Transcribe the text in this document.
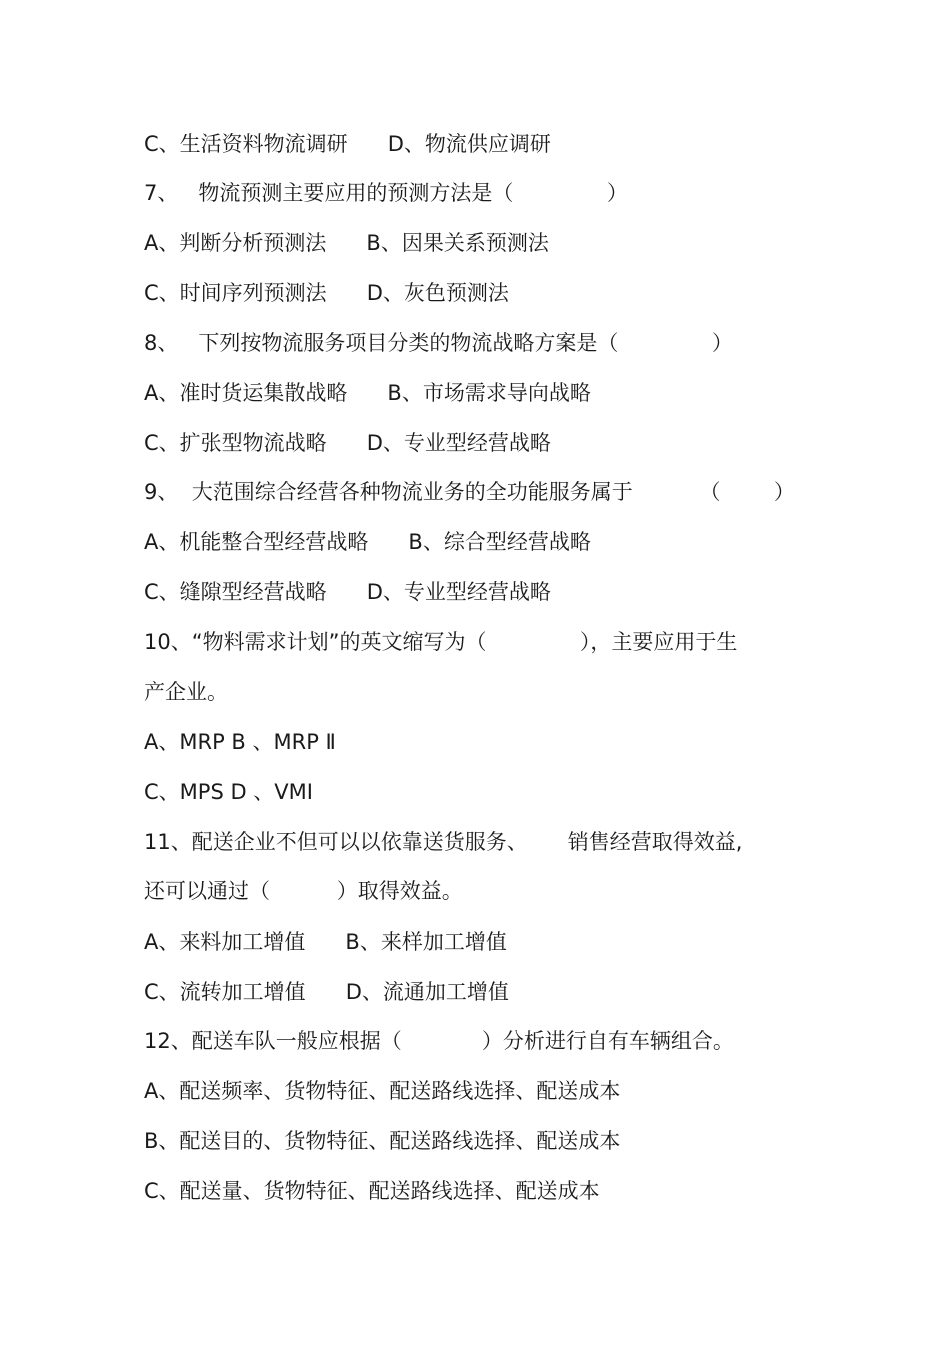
C、生活资料物流调研      D、物流供应调研
7、   物流预测主要应用的预测方法是（              ）
A、判断分析预测法      B、因果关系预测法
C、时间序列预测法      D、灰色预测法
8、   下列按物流服务项目分类的物流战略方案是（              ）
A、准时货运集散战略      B、市场需求导向战略
C、扩张型物流战略      D、专业型经营战略
9、  大范围综合经营各种物流业务的全功能服务属于          （        ）
A、机能整合型经营战略      B、综合型经营战略
C、缝隙型经营战略      D、专业型经营战略
10、“物料需求计划”的英文缩写为（              ），主要应用于生
产企业。
A、MRP B 、MRP Ⅱ
C、MPS D 、VMI
11、配送企业不但可以以依靠送货服务、      销售经营取得效益,
还可以通过（          ）取得效益。
A、来料加工增值      B、来样加工增值
C、流转加工增值      D、流通加工增值
12、配送车队一般应根据（            ）分析进行自有车辆组合。
A、配送频率、货物特征、配送路线选择、配送成本
B、配送目的、货物特征、配送路线选择、配送成本
C、配送量、货物特征、配送路线选择、配送成本
